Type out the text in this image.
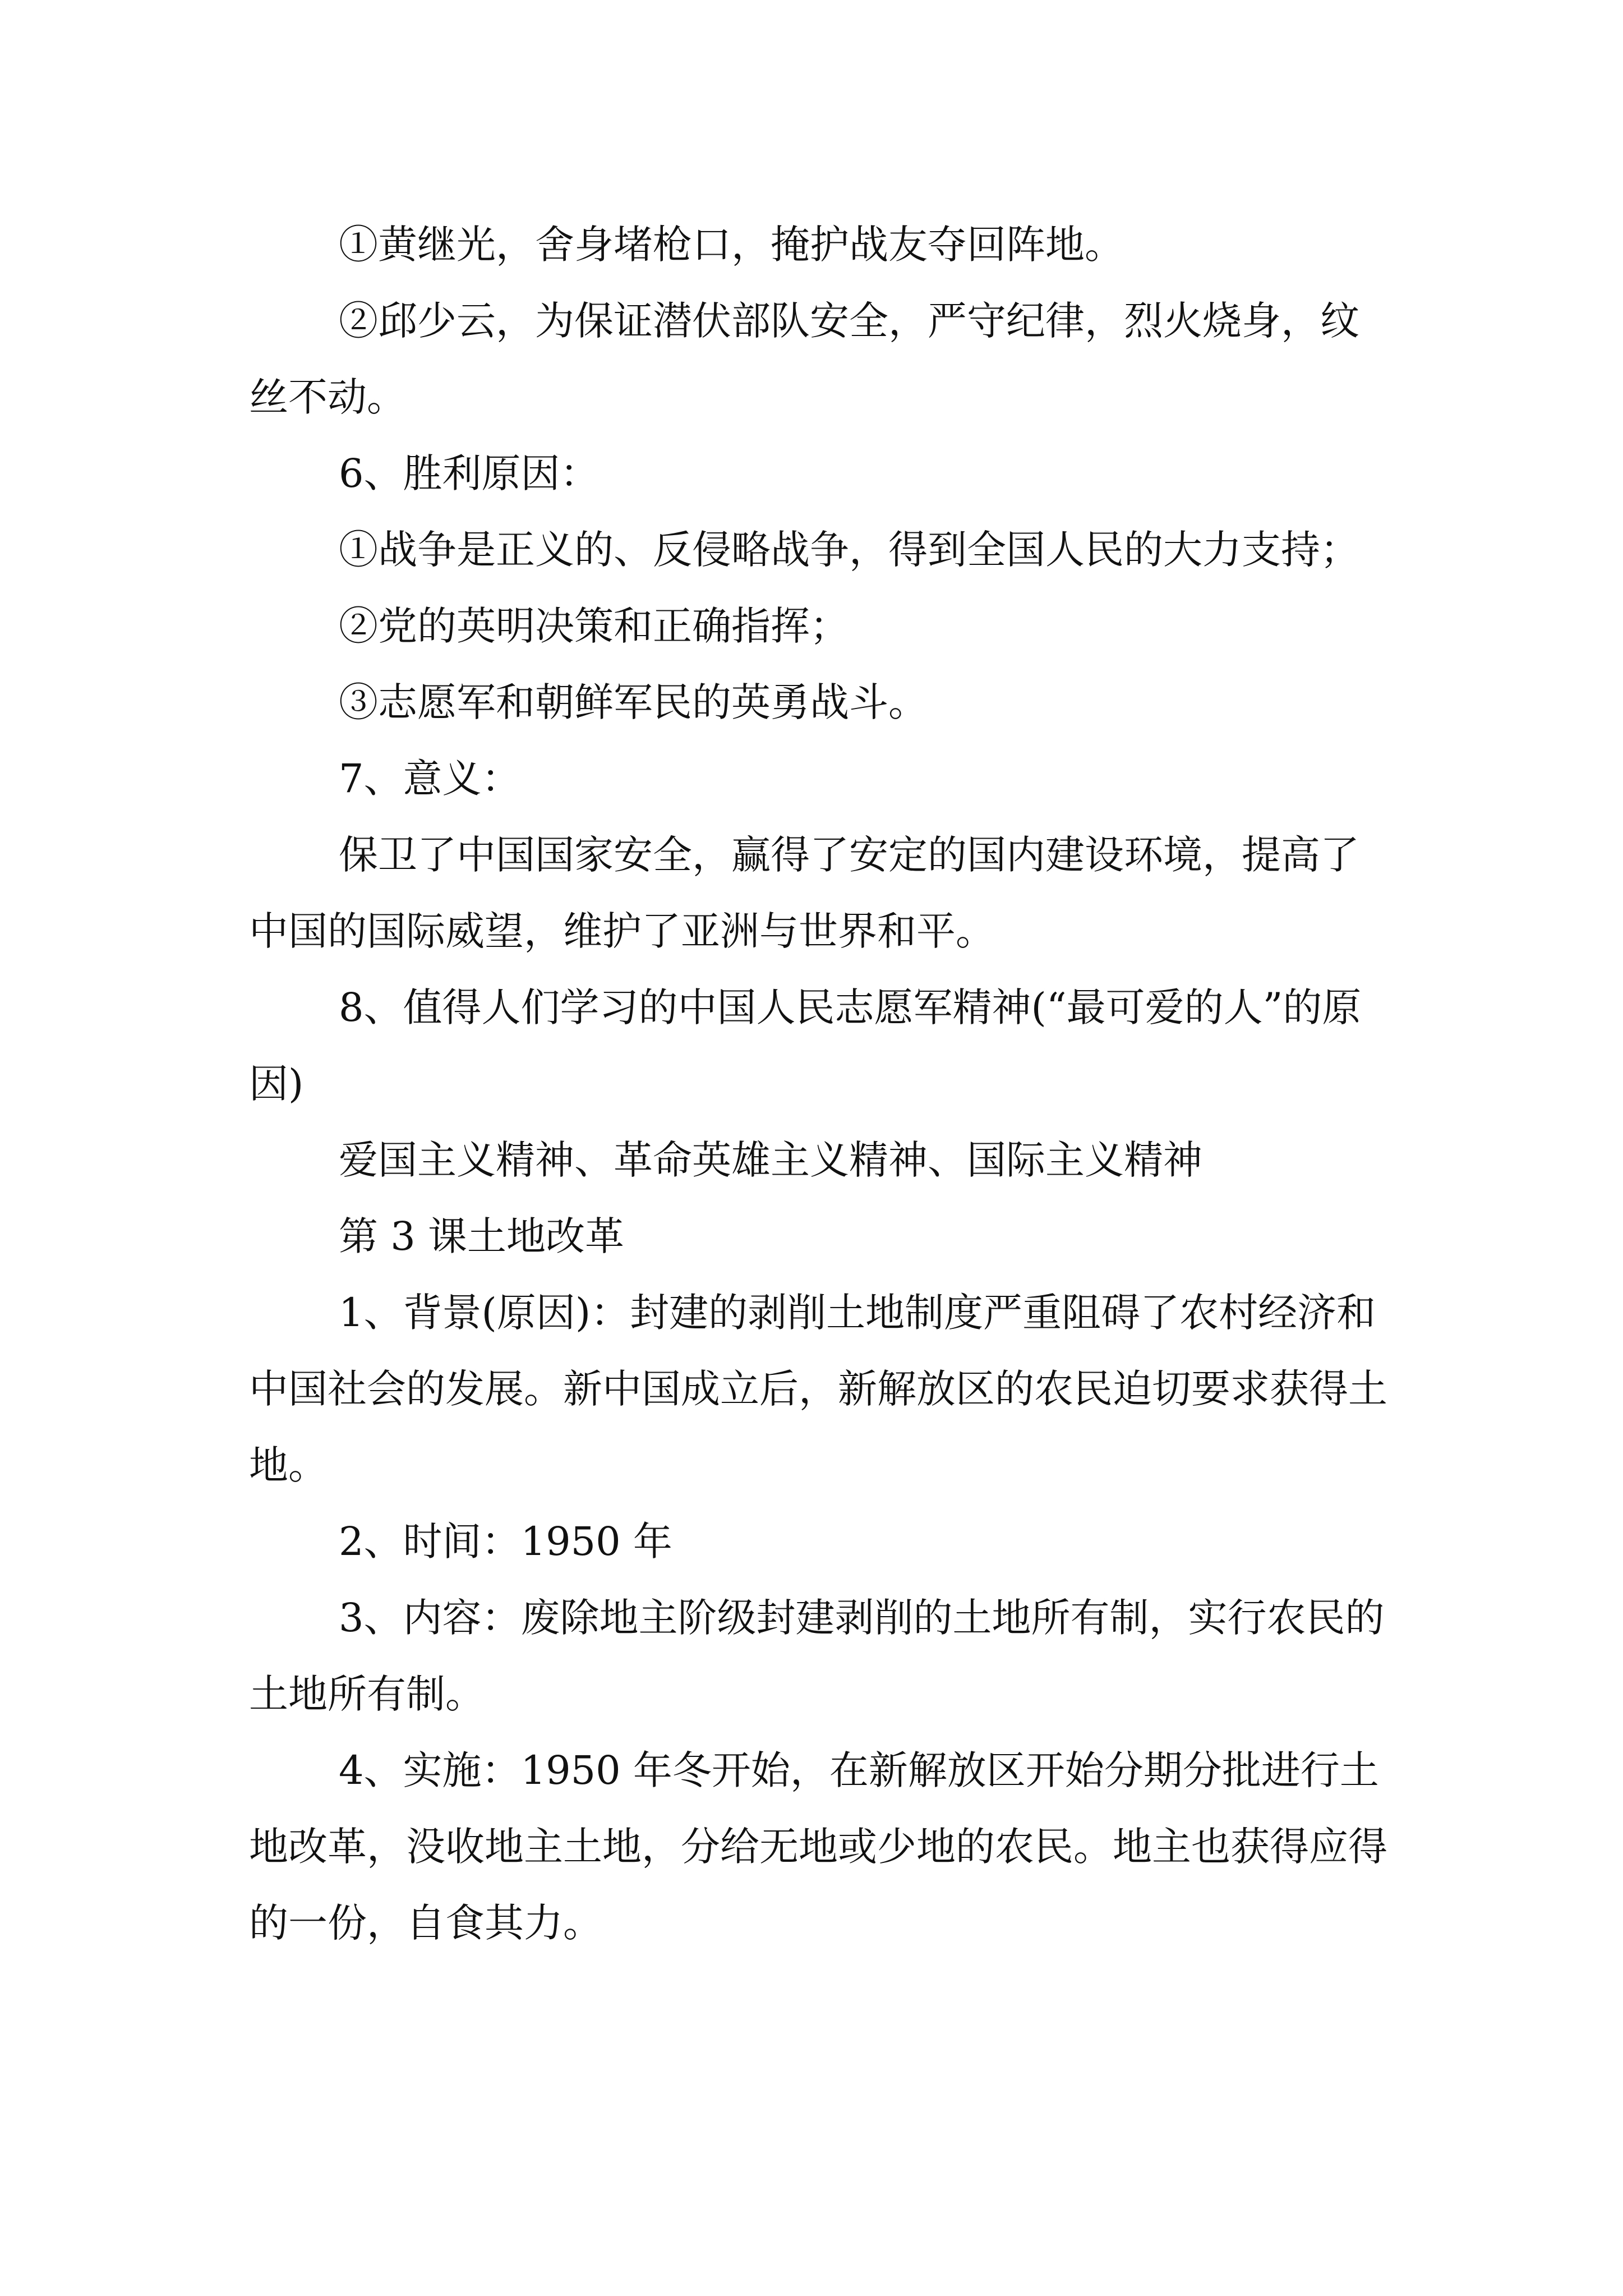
①黄继光，舍身堵枪口，掩护战友夺回阵地。

②邱少云，为保证潜伏部队安全，严守纪律，烈火烧身，纹丝不动。

6、胜利原因：

①战争是正义的、反侵略战争，得到全国人民的大力支持；

②党的英明决策和正确指挥；

③志愿军和朝鲜军民的英勇战斗。

7、意义：

保卫了中国国家安全，赢得了安定的国内建设环境，提高了中国的国际威望，维护了亚洲与世界和平。

8、值得人们学习的中国人民志愿军精神(“最可爱的人”的原因)

爱国主义精神、革命英雄主义精神、国际主义精神

第 3 课土地改革

1、背景(原因)：封建的剥削土地制度严重阻碍了农村经济和中国社会的发展。新中国成立后，新解放区的农民迫切要求获得土地。

2、时间：1950 年

3、内容：废除地主阶级封建剥削的土地所有制，实行农民的土地所有制。

4、实施：1950 年冬开始，在新解放区开始分期分批进行土地改革，没收地主土地，分给无地或少地的农民。地主也获得应得的一份，自食其力。
